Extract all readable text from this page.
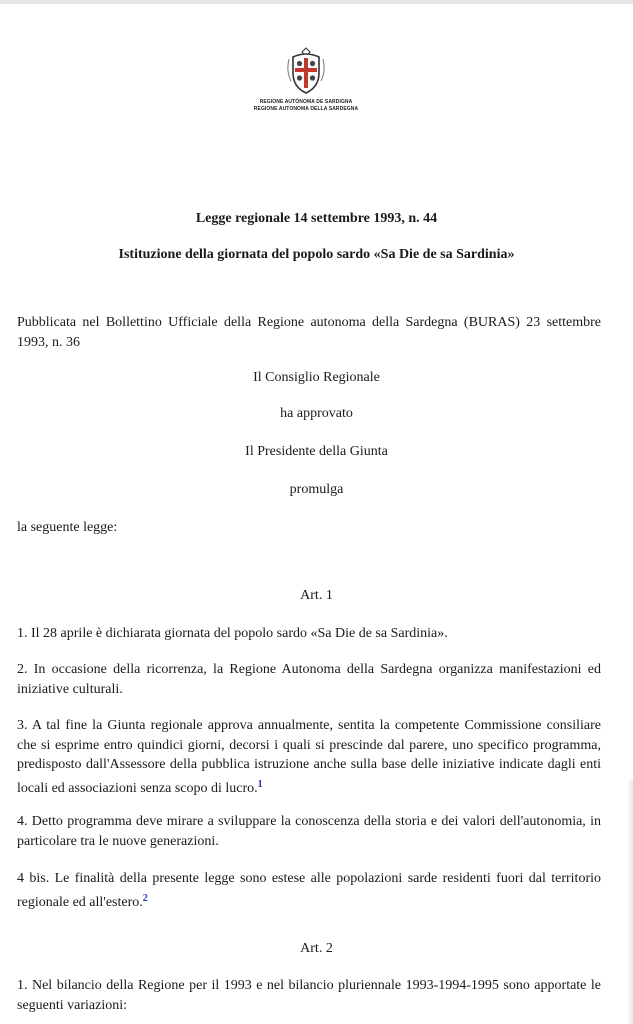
REGIONE AUTÒNOMA DE SARDIGNA
REGIONE AUTONOMA DELLA SARDEGNA
Legge regionale 14 settembre 1993, n. 44
Istituzione della giornata del popolo sardo «Sa Die de sa Sardinia»
Pubblicata nel Bollettino Ufficiale della Regione autonoma della Sardegna (BURAS) 23 settembre 1993, n. 36
Il Consiglio Regionale
ha approvato
Il Presidente della Giunta
promulga
la seguente legge:
Art. 1
1. Il 28 aprile è dichiarata giornata del popolo sardo «Sa Die de sa Sardinia».
2. In occasione della ricorrenza, la Regione Autonoma della Sardegna organizza manifestazioni ed iniziative culturali.
3. A tal fine la Giunta regionale approva annualmente, sentita la competente Commissione consiliare che si esprime entro quindici giorni, decorsi i quali si prescinde dal parere, uno specifico programma, predisposto dall'Assessore della pubblica istruzione anche sulla base delle iniziative indicate dagli enti locali ed associazioni senza scopo di lucro.$^1$
4. Detto programma deve mirare a sviluppare la conoscenza della storia e dei valori dell'autonomia, in particolare tra le nuove generazioni.
4 bis. Le finalità della presente legge sono estese alle popolazioni sarde residenti fuori dal territorio regionale ed all'estero.$^2$
Art. 2
1. Nel bilancio della Regione per il 1993 e nel bilancio pluriennale 1993-1994-1995 sono apportate le seguenti variazioni:
